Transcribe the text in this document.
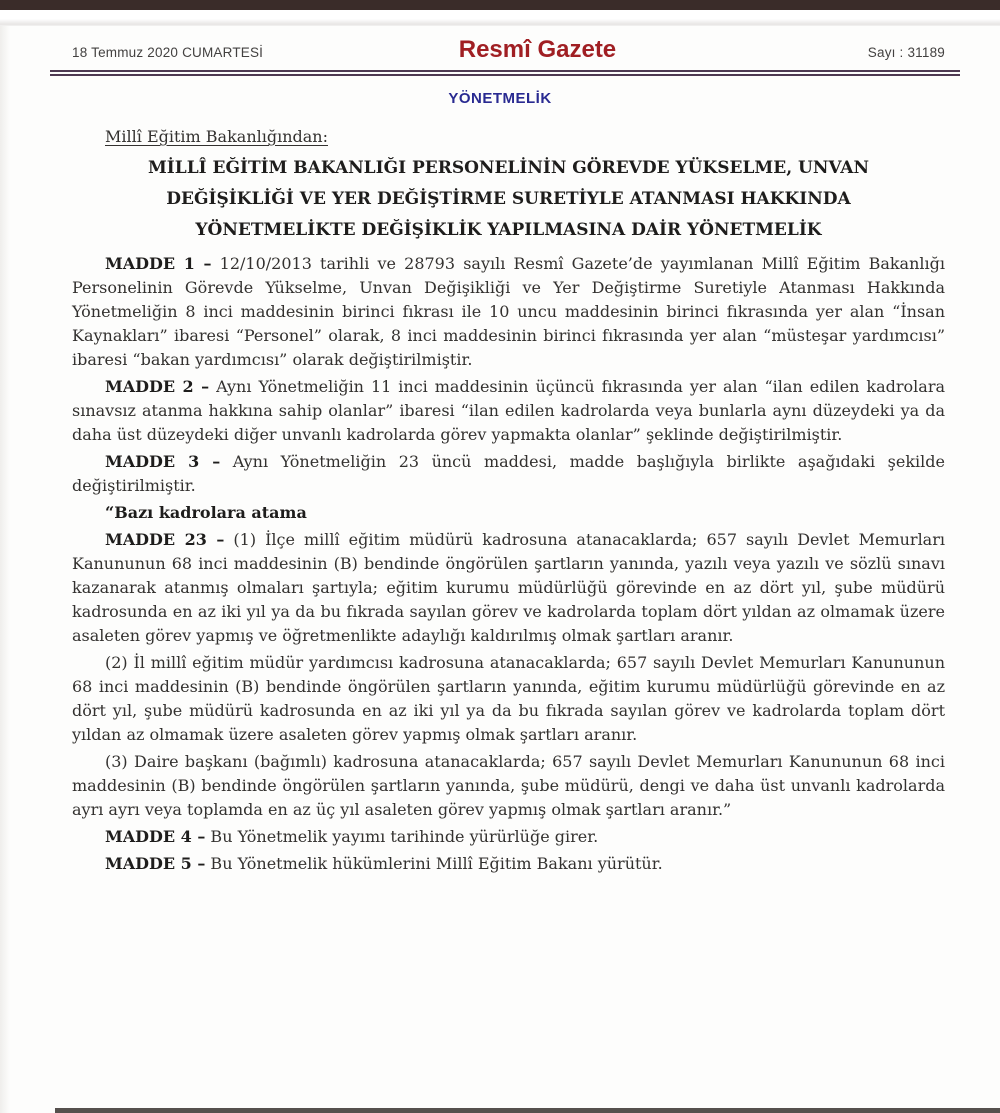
18 Temmuz 2020 CUMARTESİ	Resmî Gazete	Sayı : 31189
YÖNETMELİK
Millî Eğitim Bakanlığından:
MİLLÎ EĞİTİM BAKANLIĞI PERSONELİNİN GÖREVDE YÜKSELME, UNVAN
DEĞİŞİKLİĞİ VE YER DEĞİŞTİRME SURETİYLE ATANMASI HAKKINDA
YÖNETMELİKTE DEĞİŞİKLİK YAPILMASINA DAİR YÖNETMELİK

MADDE 1 – 12/10/2013 tarihli ve 28793 sayılı Resmî Gazete’de yayımlanan Millî Eğitim Bakanlığı Personelinin Görevde Yükselme, Unvan Değişikliği ve Yer Değiştirme Suretiyle Atanması Hakkında Yönetmeliğin 8 inci maddesinin birinci fıkrası ile 10 uncu maddesinin birinci fıkrasında yer alan “İnsan Kaynakları” ibaresi “Personel” olarak, 8 inci maddesinin birinci fıkrasında yer alan “müsteşar yardımcısı” ibaresi “bakan yardımcısı” olarak değiştirilmiştir.

MADDE 2 – Aynı Yönetmeliğin 11 inci maddesinin üçüncü fıkrasında yer alan “ilan edilen kadrolara sınavsız atanma hakkına sahip olanlar” ibaresi “ilan edilen kadrolarda veya bunlarla aynı düzeydeki ya da daha üst düzeydeki diğer unvanlı kadrolarda görev yapmakta olanlar” şeklinde değiştirilmiştir.

MADDE 3 – Aynı Yönetmeliğin 23 üncü maddesi, madde başlığıyla birlikte aşağıdaki şekilde değiştirilmiştir.

“Bazı kadrolara atama

MADDE 23 – (1) İlçe millî eğitim müdürü kadrosuna atanacaklarda; 657 sayılı Devlet Memurları Kanununun 68 inci maddesinin (B) bendinde öngörülen şartların yanında, yazılı veya yazılı ve sözlü sınavı kazanarak atanmış olmaları şartıyla; eğitim kurumu müdürlüğü görevinde en az dört yıl, şube müdürü kadrosunda en az iki yıl ya da bu fıkrada sayılan görev ve kadrolarda toplam dört yıldan az olmamak üzere asaleten görev yapmış ve öğretmenlikte adaylığı kaldırılmış olmak şartları aranır.

(2) İl millî eğitim müdür yardımcısı kadrosuna atanacaklarda; 657 sayılı Devlet Memurları Kanununun 68 inci maddesinin (B) bendinde öngörülen şartların yanında, eğitim kurumu müdürlüğü görevinde en az dört yıl, şube müdürü kadrosunda en az iki yıl ya da bu fıkrada sayılan görev ve kadrolarda toplam dört yıldan az olmamak üzere asaleten görev yapmış olmak şartları aranır.

(3) Daire başkanı (bağımlı) kadrosuna atanacaklarda; 657 sayılı Devlet Memurları Kanununun 68 inci maddesinin (B) bendinde öngörülen şartların yanında, şube müdürü, dengi ve daha üst unvanlı kadrolarda ayrı ayrı veya toplamda en az üç yıl asaleten görev yapmış olmak şartları aranır.”

MADDE 4 – Bu Yönetmelik yayımı tarihinde yürürlüğe girer.

MADDE 5 – Bu Yönetmelik hükümlerini Millî Eğitim Bakanı yürütür.
